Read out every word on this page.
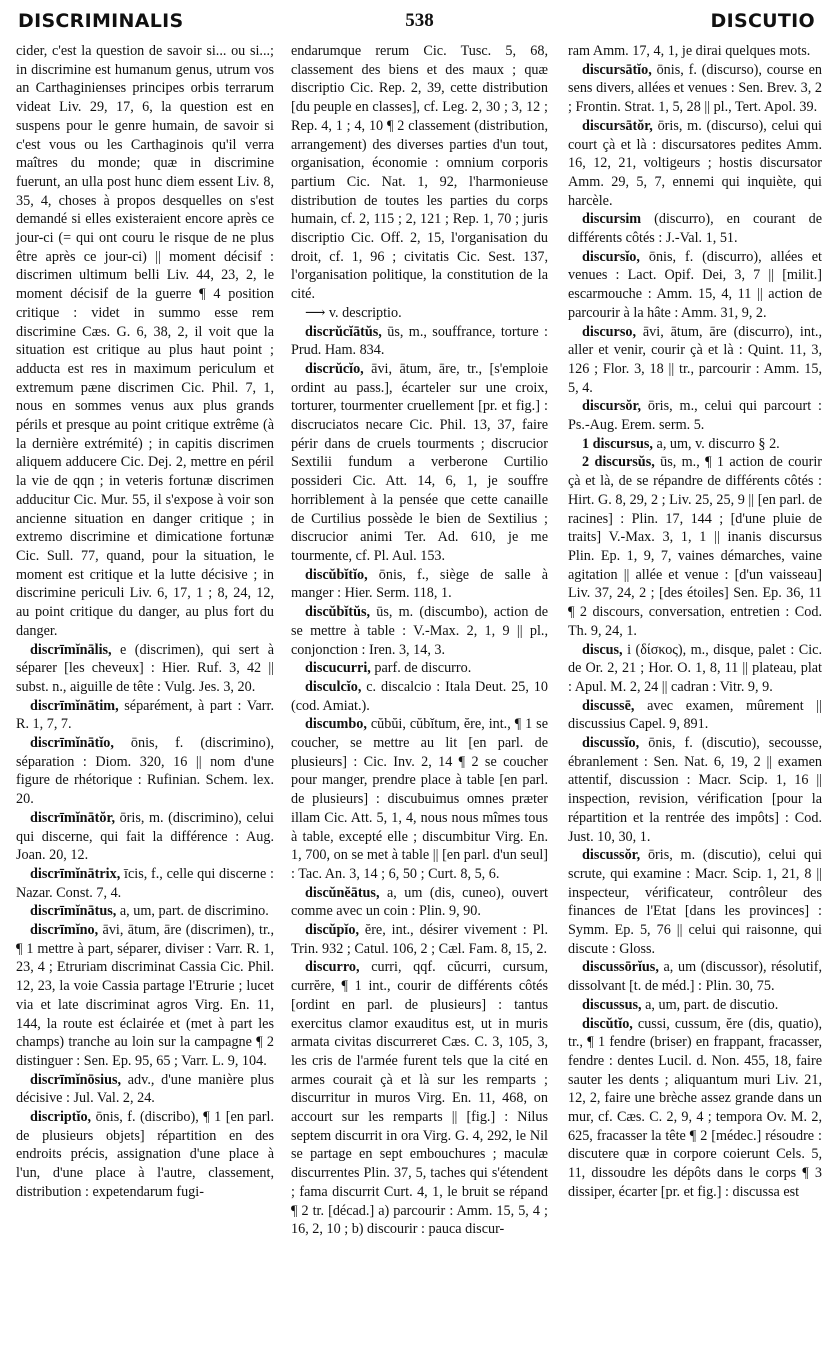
DISCRIMINALIS	538	DISCUTIO

cider, c'est la question de savoir si... ou si...; in discrimine est humanum genus, utrum vos an Carthaginienses principes orbis terrarum videat Liv. 29, 17, 6, la question est en suspens pour le genre humain, de savoir si c'est vous ou les Carthaginois qu'il verra maîtres du monde; quæ in discrimine fuerunt, an ulla post hunc diem essent Liv. 8, 35, 4, choses à propos desquelles on s'est demandé si elles existeraient encore après ce jour-ci (= qui ont couru le risque de ne plus être après ce jour-ci) || moment décisif : discrimen ultimum belli Liv. 44, 23, 2, le moment décisif de la guerre ¶ 4 position critique : videt in summo esse rem discrimine Cæs. G. 6, 38, 2, il voit que la situation est critique au plus haut point ; adducta est res in maximum periculum et extremum pæne discrimen Cic. Phil. 7, 1, nous en sommes venus aux plus grands périls et presque au point critique extrême (à la dernière extrémité) ; in capitis discrimen aliquem adducere Cic. Dej. 2, mettre en péril la vie de qqn ; in veteris fortunæ discrimen adducitur Cic. Mur. 55, il s'expose à voir son ancienne situation en danger critique ; in extremo discrimine et dimicatione fortunæ Cic. Sull. 77, quand, pour la situation, le moment est critique et la lutte décisive ; in discrimine periculi Liv. 6, 17, 1 ; 8, 24, 12, au point critique du danger, au plus fort du danger.

discrīmĭnālis, e (discrimen), qui sert à séparer [les cheveux] : Hier. Ruf. 3, 42 || subst. n., aiguille de tête : Vulg. Jes. 3, 20.

discrīmĭnātim, séparément, à part : Varr. R. 1, 7, 7.

discrīmĭnātĭo, ōnis, f. (discrimino), séparation : Diom. 320, 16 || nom d'une figure de rhétorique : Rufinian. Schem. lex. 20.

discrīmĭnātŏr, ōris, m. (discrimino), celui qui discerne, qui fait la différence : Aug. Joan. 20, 12.

discrīmĭnātrix, īcis, f., celle qui discerne : Nazar. Const. 7, 4.

discrīmĭnātus, a, um, part. de discrimino.

discrīmĭno, āvi, ātum, āre (discrimen), tr., ¶ 1 mettre à part, séparer, diviser : Varr. R. 1, 23, 4 ; Etruriam discriminat Cassia Cic. Phil. 12, 23, la voie Cassia partage l'Etrurie ; lucet via et late discriminat agros Virg. En. 11, 144, la route est éclairée et (met à part les champs) tranche au loin sur la campagne ¶ 2 distinguer : Sen. Ep. 95, 65 ; Varr. L. 9, 104.

discrīmĭnōsius, adv., d'une manière plus décisive : Jul. Val. 2, 24.

discriptĭo, ōnis, f. (discribo), ¶ 1 [en parl. de plusieurs objets] répartition en des endroits précis, assignation d'une place à l'un, d'une place à l'autre, classement, distribution : expetendarum fugi-

endarumque rerum Cic. Tusc. 5, 68, classement des biens et des maux ; quæ discriptio Cic. Rep. 2, 39, cette distribution [du peuple en classes], cf. Leg. 2, 30 ; 3, 12 ; Rep. 4, 1 ; 4, 10 ¶ 2 classement (distribution, arrangement) des diverses parties d'un tout, organisation, économie : omnium corporis partium Cic. Nat. 1, 92, l'harmonieuse distribution de toutes les parties du corps humain, cf. 2, 115 ; 2, 121 ; Rep. 1, 70 ; juris discriptio Cic. Off. 2, 15, l'organisation du droit, cf. 1, 96 ; civitatis Cic. Sest. 137, l'organisation politique, la constitution de la cité.

⟶ v. descriptio.

discrŭcĭātŭs, ūs, m., souffrance, torture : Prud. Ham. 834.

discrŭcĭo, āvi, ātum, āre, tr., [s'emploie ordint au pass.], écarteler sur une croix, torturer, tourmenter cruellement [pr. et fig.] : discruciatos necare Cic. Phil. 13, 37, faire périr dans de cruels tourments ; discrucior Sextilii fundum a verberone Curtilio possideri Cic. Att. 14, 6, 1, je souffre horriblement à la pensée que cette canaille de Curtilius possède le bien de Sextilius ; discrucior animi Ter. Ad. 610, je me tourmente, cf. Pl. Aul. 153.

discŭbĭtĭo, ōnis, f., siège de salle à manger : Hier. Serm. 118, 1.

discŭbĭtŭs, ūs, m. (discumbo), action de se mettre à table : V.-Max. 2, 1, 9 || pl., conjonction : Iren. 3, 14, 3.

discucurri, parf. de discurro.

disculcĭo, c. discalcio : Itala Deut. 25, 10 (cod. Amiat.).

discumbo, cŭbŭi, cŭbĭtum, ĕre, int., ¶ 1 se coucher, se mettre au lit [en parl. de plusieurs] : Cic. Inv. 2, 14 ¶ 2 se coucher pour manger, prendre place à table [en parl. de plusieurs] : discubuimus omnes præter illam Cic. Att. 5, 1, 4, nous nous mîmes tous à table, excepté elle ; discumbitur Virg. En. 1, 700, on se met à table || [en parl. d'un seul] : Tac. An. 3, 14 ; 6, 50 ; Curt. 8, 5, 6.

discŭnĕātus, a, um (dis, cuneo), ouvert comme avec un coin : Plin. 9, 90.

discŭpĭo, ĕre, int., désirer vivement : Pl. Trin. 932 ; Catul. 106, 2 ; Cæl. Fam. 8, 15, 2.

discurro, curri, qqf. cŭcurri, cursum, currĕre, ¶ 1 int., courir de différents côtés [ordint en parl. de plusieurs] : tantus exercitus clamor exauditus est, ut in muris armata civitas discurreret Cæs. C. 3, 105, 3, les cris de l'armée furent tels que la cité en armes courait çà et là sur les remparts ; discurritur in muros Virg. En. 11, 468, on accourt sur les remparts || [fig.] : Nilus septem discurrit in ora Virg. G. 4, 292, le Nil se partage en sept embouchures ; maculæ discurrentes Plin. 37, 5, taches qui s'étendent ; fama discurrit Curt. 4, 1, le bruit se répand ¶ 2 tr. [décad.] a) parcourir : Amm. 15, 5, 4 ; 16, 2, 10 ; b) discourir : pauca discur-

ram Amm. 17, 4, 1, je dirai quelques mots.

discursātĭo, ōnis, f. (discurso), course en sens divers, allées et venues : Sen. Brev. 3, 2 ; Frontin. Strat. 1, 5, 28 || pl., Tert. Apol. 39.

discursātŏr, ōris, m. (discurso), celui qui court çà et là : discursatores pedites Amm. 16, 12, 21, voltigeurs ; hostis discursator Amm. 29, 5, 7, ennemi qui inquiète, qui harcèle.

discursim (discurro), en courant de différents côtés : J.-Val. 1, 51.

discursĭo, ōnis, f. (discurro), allées et venues : Lact. Opif. Dei, 3, 7 || [milit.] escarmouche : Amm. 15, 4, 11 || action de parcourir à la hâte : Amm. 31, 9, 2.

discurso, āvi, ātum, āre (discurro), int., aller et venir, courir çà et là : Quint. 11, 3, 126 ; Flor. 3, 18 || tr., parcourir : Amm. 15, 5, 4.

discursŏr, ōris, m., celui qui parcourt : Ps.-Aug. Erem. serm. 5.

1 discursus, a, um, v. discurro § 2.

2 discursŭs, ūs, m., ¶ 1 action de courir çà et là, de se répandre de différents côtés : Hirt. G. 8, 29, 2 ; Liv. 25, 25, 9 || [en parl. de racines] : Plin. 17, 144 ; [d'une pluie de traits] V.-Max. 3, 1, 1 || inanis discursus Plin. Ep. 1, 9, 7, vaines démarches, vaine agitation || allée et venue : [d'un vaisseau] Liv. 37, 24, 2 ; [des étoiles] Sen. Ep. 36, 11 ¶ 2 discours, conversation, entretien : Cod. Th. 9, 24, 1.

discus, i (δίσκος), m., disque, palet : Cic. de Or. 2, 21 ; Hor. O. 1, 8, 11 || plateau, plat : Apul. M. 2, 24 || cadran : Vitr. 9, 9.

discussē, avec examen, mûrement || discussius Capel. 9, 891.

discussĭo, ōnis, f. (discutio), secousse, ébranlement : Sen. Nat. 6, 19, 2 || examen attentif, discussion : Macr. Scip. 1, 16 || inspection, revision, vérification [pour la répartition et la rentrée des impôts] : Cod. Just. 10, 30, 1.

discussŏr, ōris, m. (discutio), celui qui scrute, qui examine : Macr. Scip. 1, 21, 8 || inspecteur, vérificateur, contrôleur des finances de l'Etat [dans les provinces] : Symm. Ep. 5, 76 || celui qui raisonne, qui discute : Gloss.

discussōrĭus, a, um (discussor), résolutif, dissolvant [t. de méd.] : Plin. 30, 75.

discussus, a, um, part. de discutio.

discŭtĭo, cussi, cussum, ĕre (dis, quatio), tr., ¶ 1 fendre (briser) en frappant, fracasser, fendre : dentes Lucil. d. Non. 455, 18, faire sauter les dents ; aliquantum muri Liv. 21, 12, 2, faire une brèche assez grande dans un mur, cf. Cæs. C. 2, 9, 4 ; tempora Ov. M. 2, 625, fracasser la tête ¶ 2 [médec.] résoudre : discutere quæ in corpore coierunt Cels. 5, 11, dissoudre les dépôts dans le corps ¶ 3 dissiper, écarter [pr. et fig.] : discussa est
